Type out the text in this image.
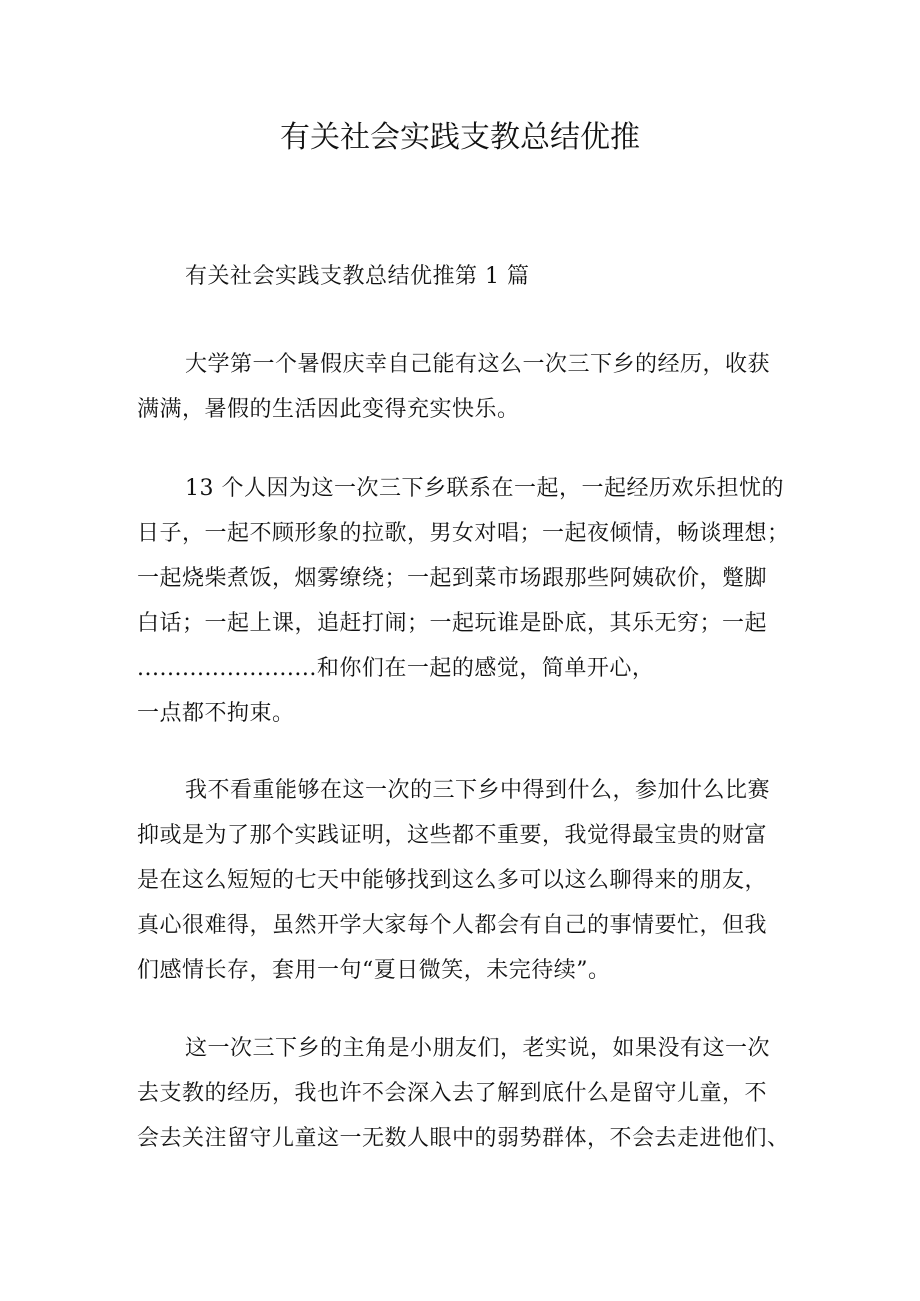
有关社会实践支教总结优推

有关社会实践支教总结优推第 1 篇

大学第一个暑假庆幸自己能有这么一次三下乡的经历，收获
满满，暑假的生活因此变得充实快乐。
13 个人因为这一次三下乡联系在一起，一起经历欢乐担忧的
日子，一起不顾形象的拉歌，男女对唱；一起夜倾情，畅谈理想；
一起烧柴煮饭，烟雾缭绕；一起到菜市场跟那些阿姨砍价，蹩脚
白话；一起上课，追赶打闹；一起玩谁是卧底，其乐无穷；一起
........................和你们在一起的感觉，简单开心，
一点都不拘束。
我不看重能够在这一次的三下乡中得到什么，参加什么比赛
抑或是为了那个实践证明，这些都不重要，我觉得最宝贵的财富
是在这么短短的七天中能够找到这么多可以这么聊得来的朋友，
真心很难得，虽然开学大家每个人都会有自己的事情要忙，但我
们感情长存，套用一句“夏日微笑，未完待续”。
这一次三下乡的主角是小朋友们，老实说，如果没有这一次
去支教的经历，我也许不会深入去了解到底什么是留守儿童，不
会去关注留守儿童这一无数人眼中的弱势群体，不会去走进他们、
